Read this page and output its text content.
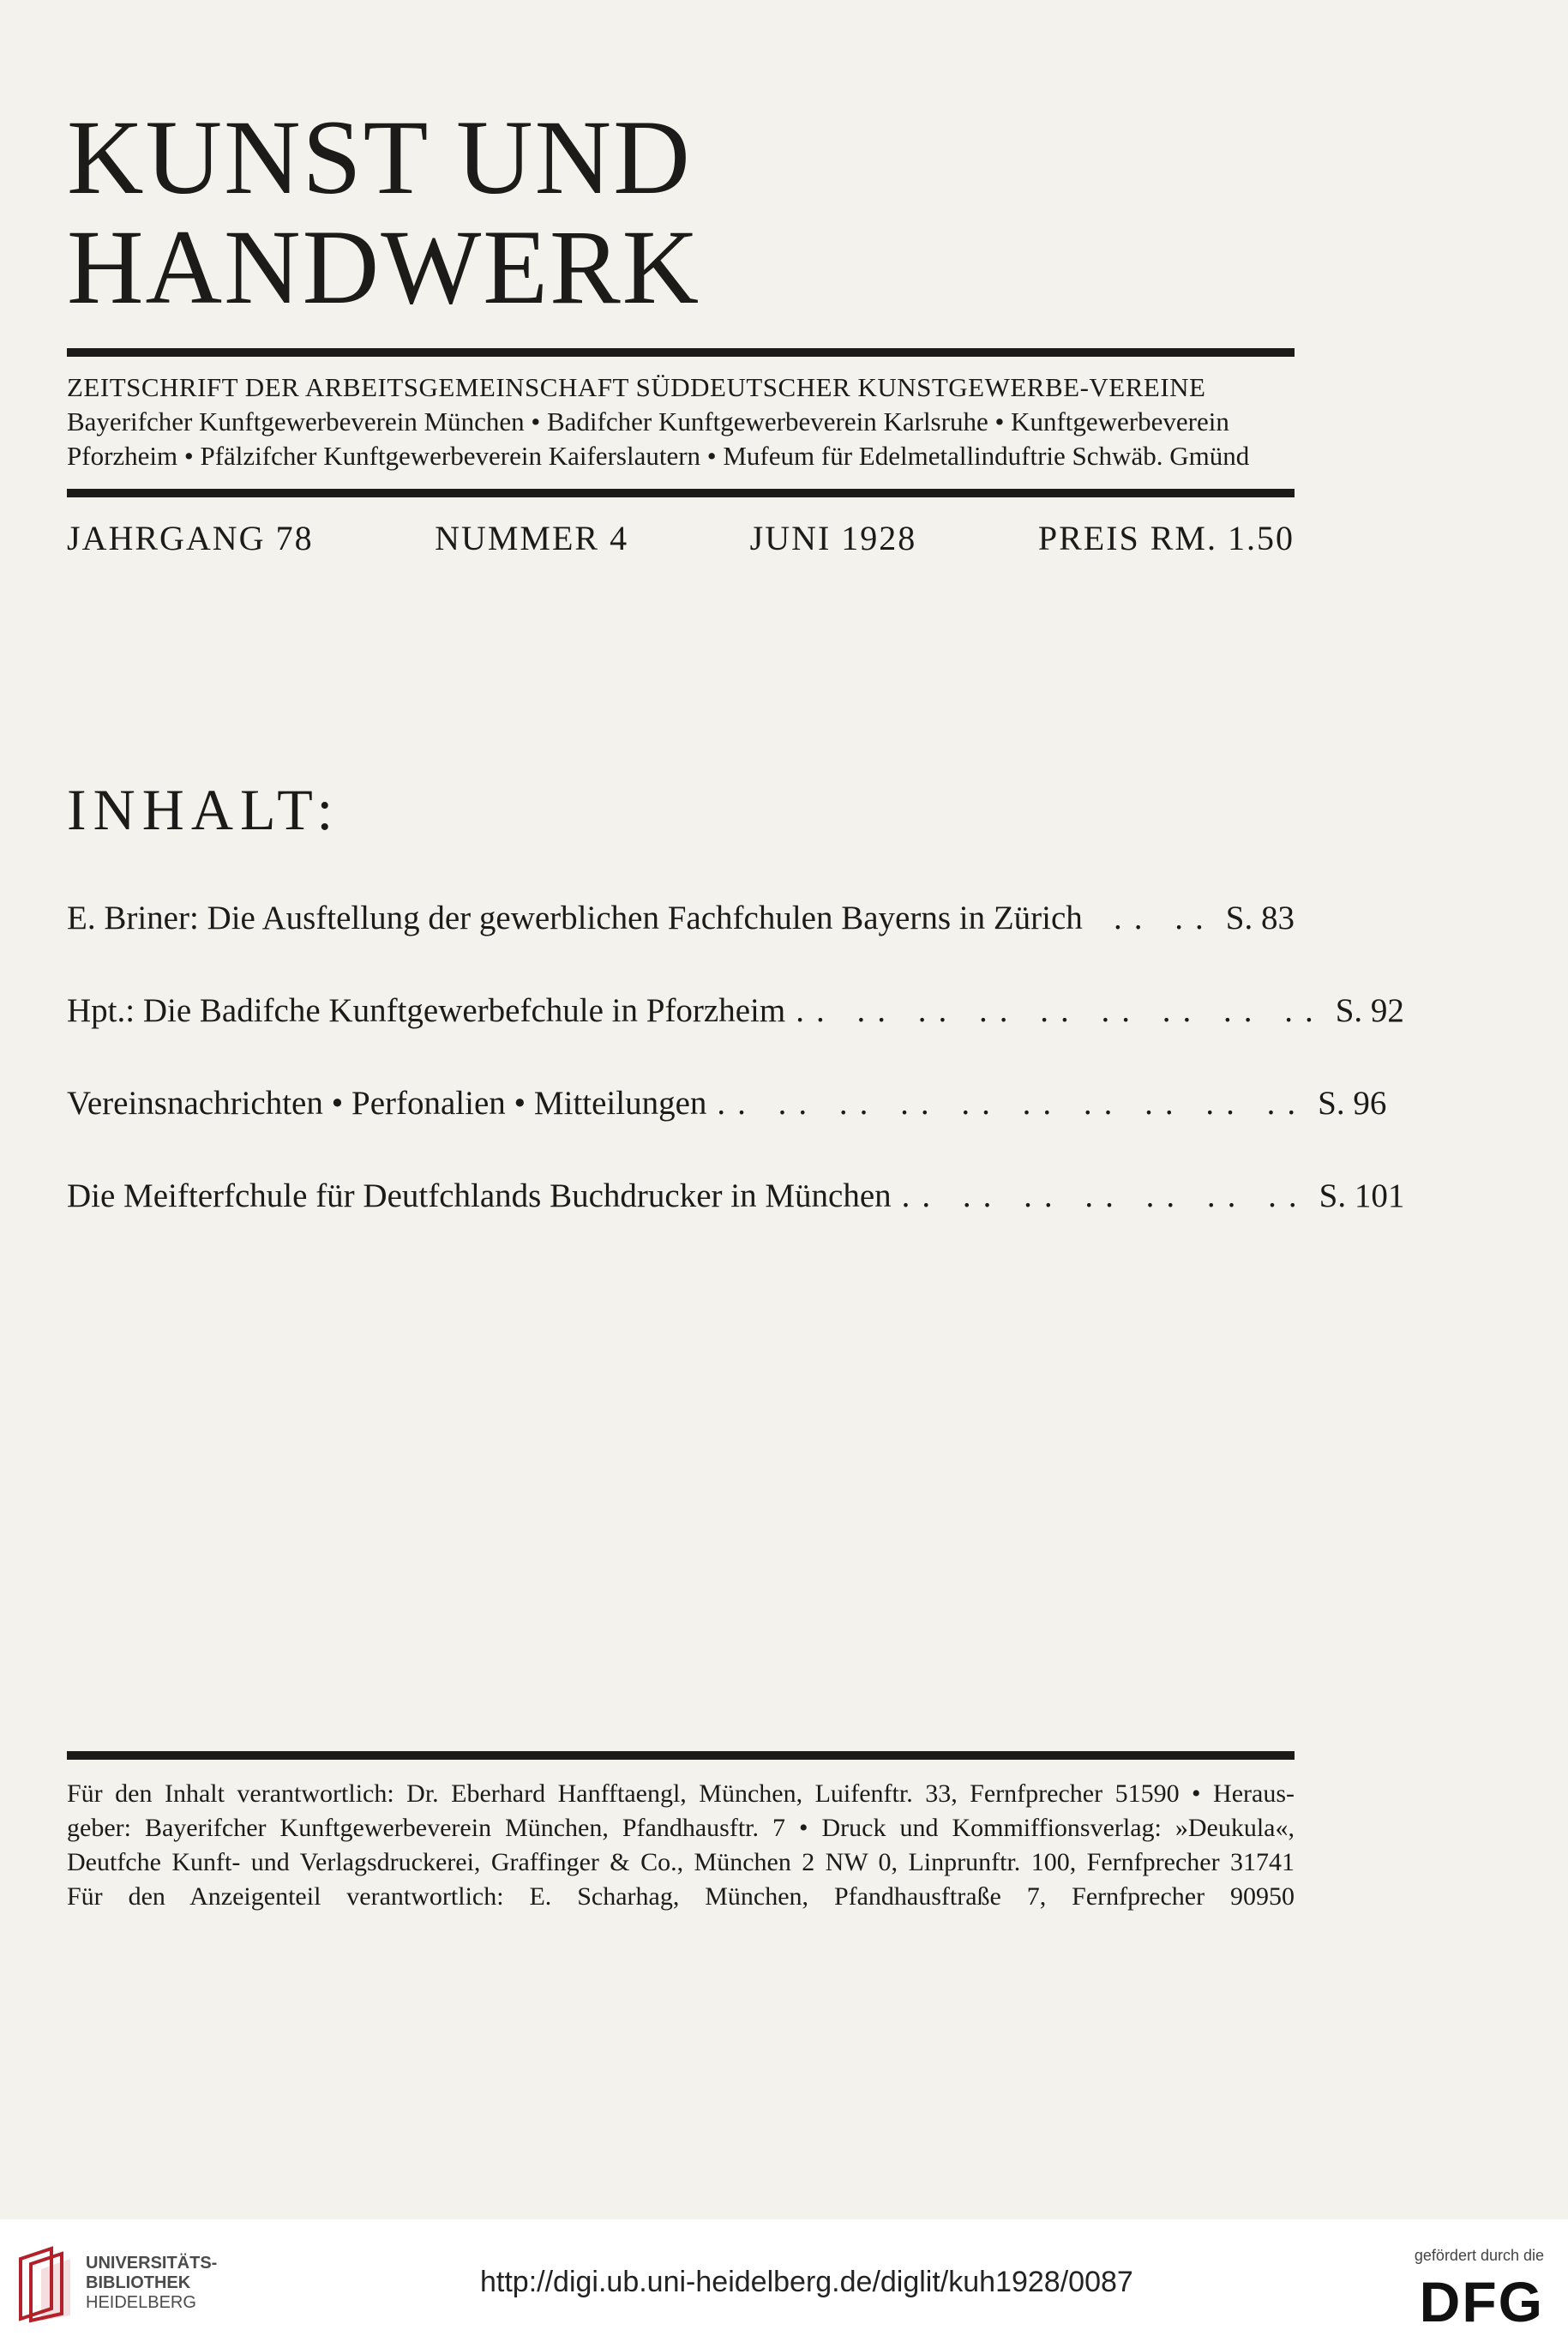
KUNST UND
HANDWERK
ZEITSCHRIFT DER ARBEITSGEMEINSCHAFT SÜDDEUTSCHER KUNSTGEWERBE-VEREINE
Bayerifcher Kunftgewerbeverein München • Badifcher Kunftgewerbeverein Karlsruhe • Kunftgewerbeverein
Pforzheim • Pfälzifcher Kunftgewerbeverein Kaiferslautern • Mufeum für Edelmetallinduftrie Schwäb. Gmünd
JAHRGANG 78	NUMMER 4	JUNI 1928	PREIS RM. 1.50
INHALT:
E. Briner: Die Ausftellung der gewerblichen Fachfchulen Bayerns in Zürich .. .. S. 83
Hpt.: Die Badifche Kunftgewerbefchule in Pforzheim .. .. .. .. .. .. .. .. .. S. 92
Vereinsnachrichten • Perfonalien • Mitteilungen .. .. .. .. .. .. .. .. .. .. S. 96
Die Meifterfchule für Deutfchlands Buchdrucker in München .. .. .. .. .. .. .. S. 101
Für den Inhalt verantwortlich: Dr. Eberhard Hanfftaengl, München, Luifenftr. 33, Fernfprecher 51590 • Heraus-
geber: Bayerifcher Kunftgewerbeverein München, Pfandhausftr. 7 • Druck und Kommiffionsverlag: »Deukula«,
Deutfche Kunft- und Verlagsdruckerei, Graffinger & Co., München 2 NW 0, Linprunftr. 100, Fernfprecher 31741
Für den Anzeigenteil verantwortlich: E. Scharhag, München, Pfandhausftraße 7, Fernfprecher 90950
UNIVERSITÄTS-
BIBLIOTHEK
HEIDELBERG
http://digi.ub.uni-heidelberg.de/diglit/kuh1928/0087
gefördert durch die
DFG
